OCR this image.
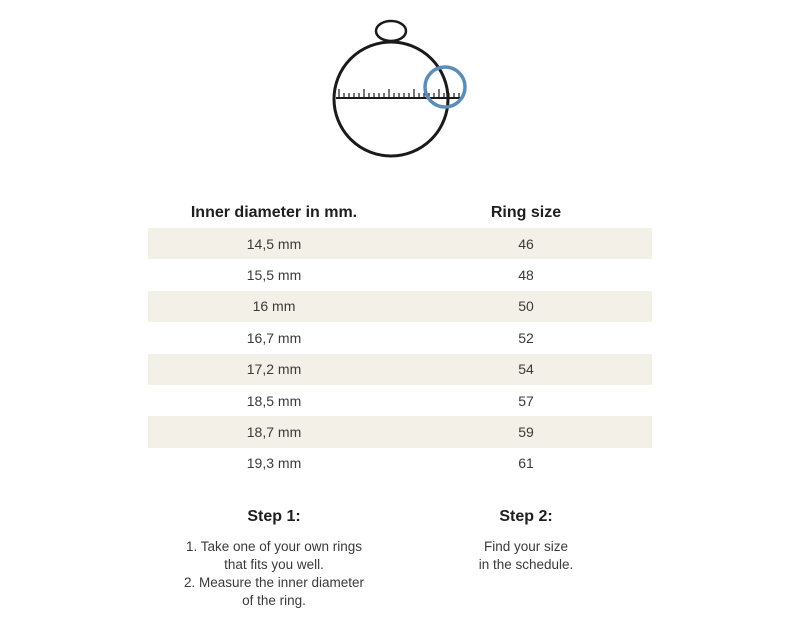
Inner diameter in mm.	Ring size
14,5 mm	46
15,5 mm	48
16 mm	50
16,7 mm	52
17,2 mm	54
18,5 mm	57
18,7 mm	59
19,3 mm	61
Step 1:
1. Take one of your own rings
that fits you well.
2. Measure the inner diameter
of the ring.
Step 2:
Find your size
in the schedule.
